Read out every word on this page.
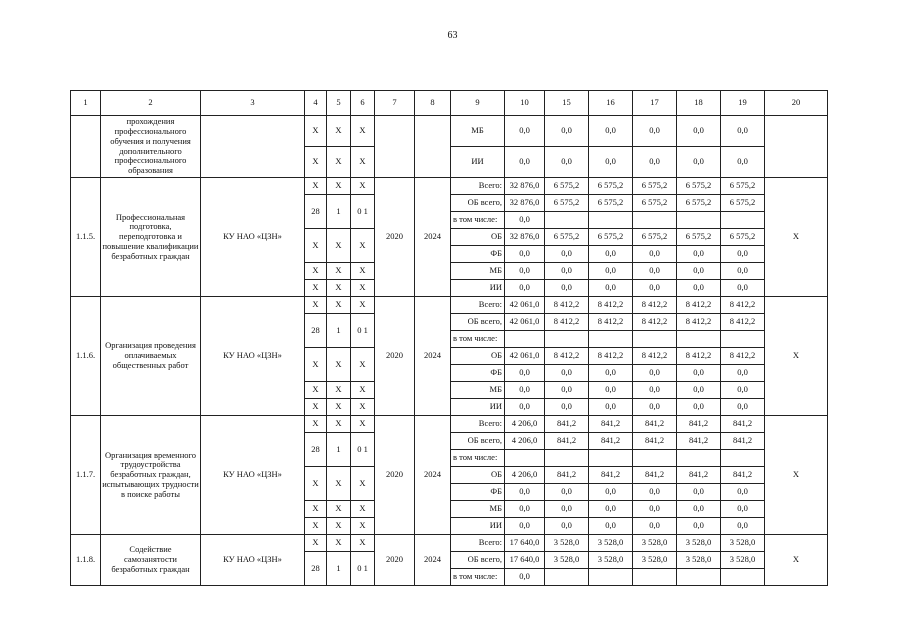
63
1	2	3	4	5	6	7	8	9	10	15	16	17	18	19	20
	прохождения профессионального обучения и получения дополнительного профессионального образования		X	X	X			МБ	0,0	0,0	0,0	0,0	0,0	0,0	
			X	X	X			ИИ	0,0	0,0	0,0	0,0	0,0	0,0	
1.1.5.	Профессиональная подготовка, переподготовка и повышение квалификации безработных граждан	КУ НАО «ЦЗН»	X	X	X	2020	2024	Всего:	32 876,0	6 575,2	6 575,2	6 575,2	6 575,2	6 575,2	X
			28	1	0 1			ОБ всего,	32 876,0	6 575,2	6 575,2	6 575,2	6 575,2	6 575,2	
								в том числе:	0,0						
			X	X	X			ОБ	32 876,0	6 575,2	6 575,2	6 575,2	6 575,2	6 575,2	
								ФБ	0,0	0,0	0,0	0,0	0,0	0,0	
			X	X	X			МБ	0,0	0,0	0,0	0,0	0,0	0,0	
			X	X	X			ИИ	0,0	0,0	0,0	0,0	0,0	0,0	
1.1.6.	Организация проведения оплачиваемых общественных работ	КУ НАО «ЦЗН»	X	X	X	2020	2024	Всего:	42 061,0	8 412,2	8 412,2	8 412,2	8 412,2	8 412,2	X
			28	1	0 1			ОБ всего,	42 061,0	8 412,2	8 412,2	8 412,2	8 412,2	8 412,2	
								в том числе:							
			X	X	X			ОБ	42 061,0	8 412,2	8 412,2	8 412,2	8 412,2	8 412,2	
								ФБ	0,0	0,0	0,0	0,0	0,0	0,0	
			X	X	X			МБ	0,0	0,0	0,0	0,0	0,0	0,0	
			X	X	X			ИИ	0,0	0,0	0,0	0,0	0,0	0,0	
1.1.7.	Организация временного трудоустройства безработных граждан, испытывающих трудности в поиске работы	КУ НАО «ЦЗН»	X	X	X	2020	2024	Всего:	4 206,0	841,2	841,2	841,2	841,2	841,2	X
			28	1	0 1			ОБ всего,	4 206,0	841,2	841,2	841,2	841,2	841,2	
								в том числе:							
			X	X	X			ОБ	4 206,0	841,2	841,2	841,2	841,2	841,2	
								ФБ	0,0	0,0	0,0	0,0	0,0	0,0	
			X	X	X			МБ	0,0	0,0	0,0	0,0	0,0	0,0	
			X	X	X			ИИ	0,0	0,0	0,0	0,0	0,0	0,0	
1.1.8.	Содействие самозанятости безработных граждан	КУ НАО «ЦЗН»	X	X	X	2020	2024	Всего:	17 640,0	3 528,0	3 528,0	3 528,0	3 528,0	3 528,0	X
			28	1	0 1			ОБ всего,	17 640,0	3 528,0	3 528,0	3 528,0	3 528,0	3 528,0	
								в том числе:	0,0						
